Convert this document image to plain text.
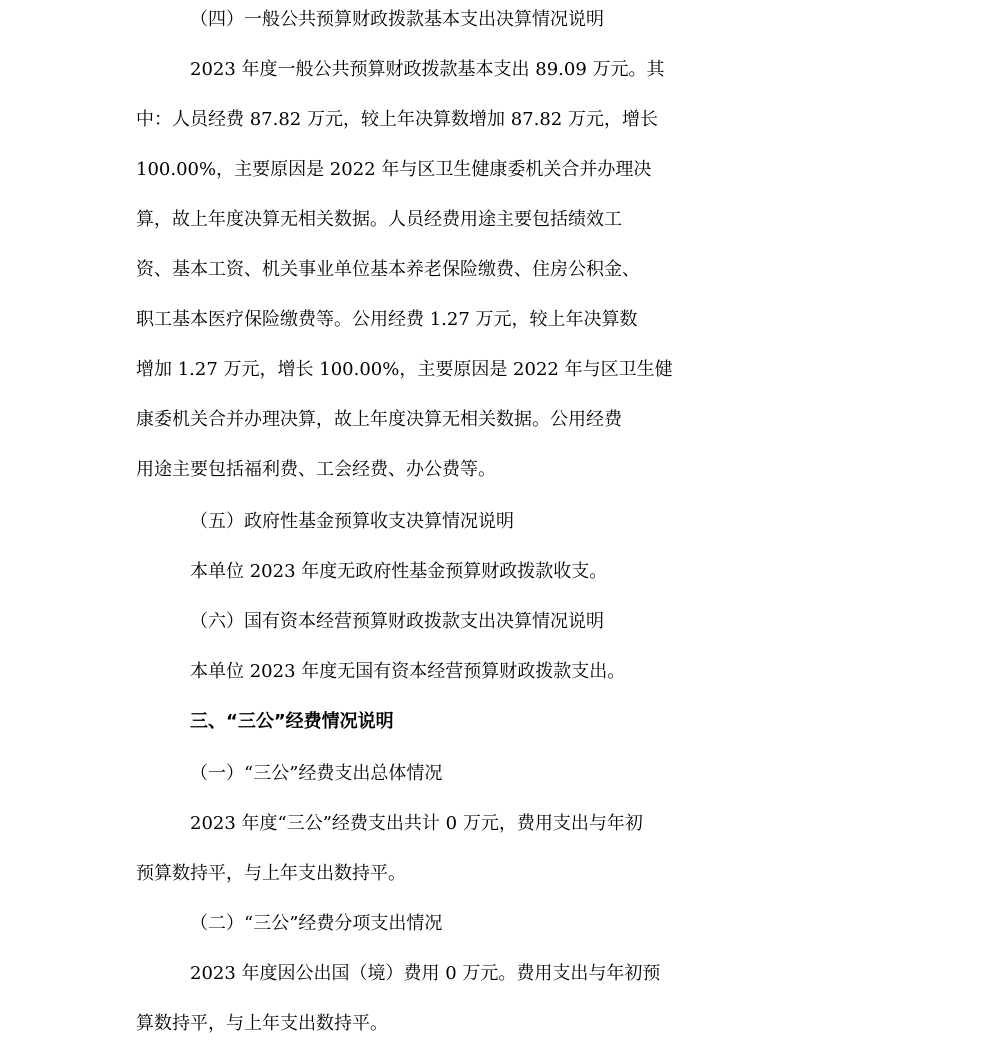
（四）一般公共预算财政拨款基本支出决算情况说明
2023 年度一般公共预算财政拨款基本支出 89.09 万元。其
中：人员经费 87.82 万元，较上年决算数增加 87.82 万元，增长
100.00%，主要原因是 2022 年与区卫生健康委机关合并办理决
算，故上年度决算无相关数据。人员经费用途主要包括绩效工
资、基本工资、机关事业单位基本养老保险缴费、住房公积金、
职工基本医疗保险缴费等。公用经费 1.27 万元，较上年决算数
增加 1.27 万元，增长 100.00%，主要原因是 2022 年与区卫生健
康委机关合并办理决算，故上年度决算无相关数据。公用经费
用途主要包括福利费、工会经费、办公费等。
（五）政府性基金预算收支决算情况说明
本单位 2023 年度无政府性基金预算财政拨款收支。
（六）国有资本经营预算财政拨款支出决算情况说明
本单位 2023 年度无国有资本经营预算财政拨款支出。
三、“三公”经费情况说明
（一）“三公”经费支出总体情况
2023 年度“三公”经费支出共计 0 万元，费用支出与年初
预算数持平，与上年支出数持平。
（二）“三公”经费分项支出情况
2023 年度因公出国（境）费用 0 万元。费用支出与年初预
算数持平，与上年支出数持平。
